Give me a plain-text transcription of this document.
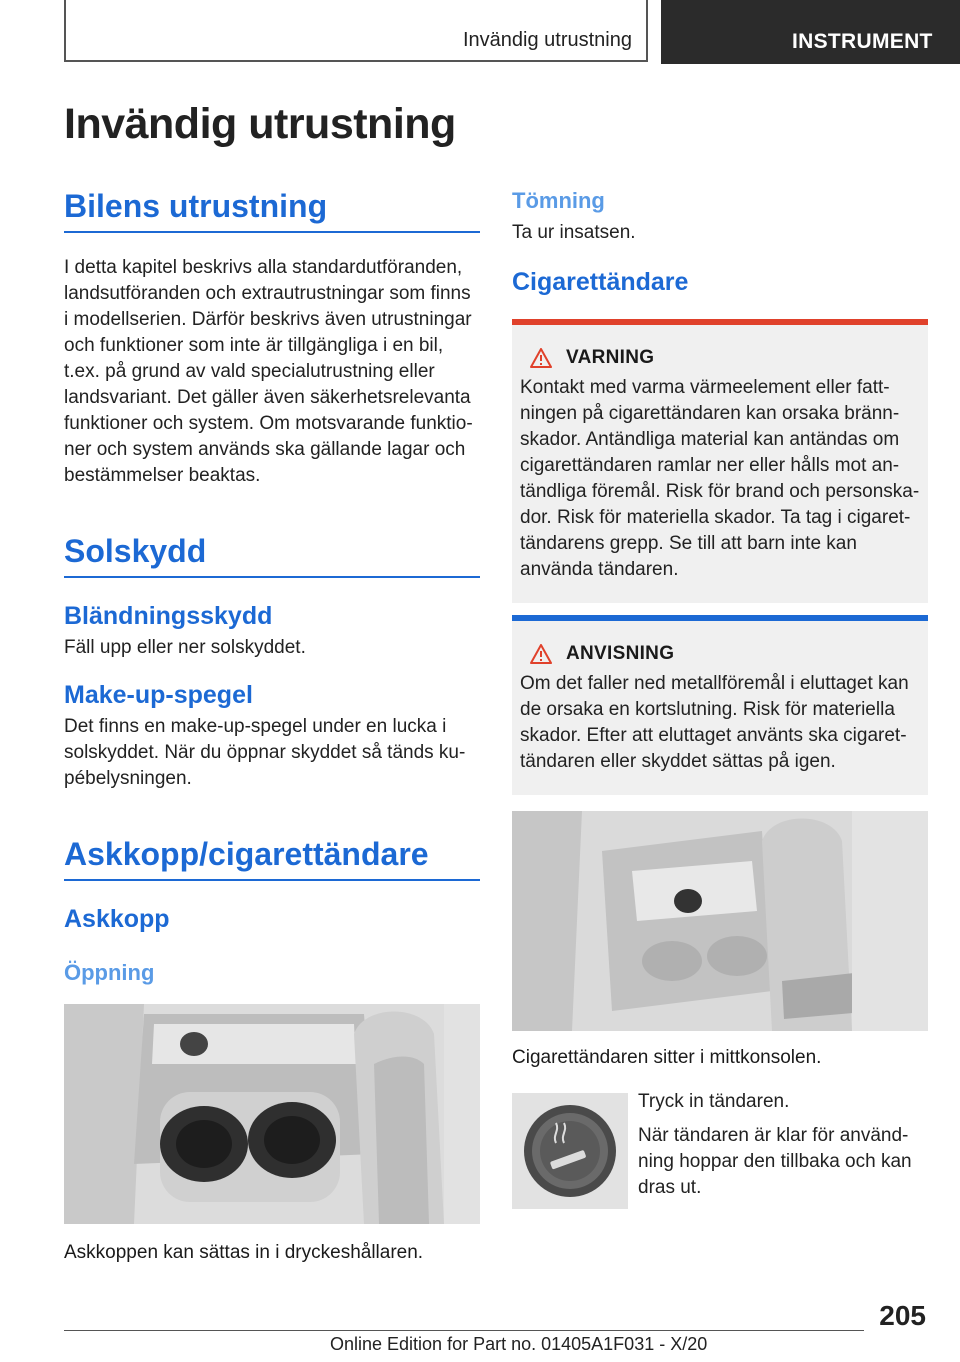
Invändig utrustning	INSTRUMENT
Invändig utrustning
Bilens utrustning

I detta kapitel beskrivs alla standardutföranden, landsutföranden och extrautrustningar som finns i modellserien. Därför beskrivs även utrustningar och funktioner som inte är tillgängliga i en bil, t.ex. på grund av vald specialutrustning eller landsvariant. Det gäller även säkerhetsrelevanta funktioner och system. Om motsvarande funktioner och system används ska gällande lagar och bestämmelser beaktas.

Solskydd
Bländningsskydd

Fäll upp eller ner solskyddet.

Make-up-spegel

Det finns en make-up-spegel under en lucka i solskyddet. När du öppnar skyddet så tänds kupébelysningen.

Askkopp/cigarettändare
Askkopp
Öppning
Askkoppen kan sättas in i dryckeshållaren.
Tömning

Ta ur insatsen.

Cigarettändare
VARNING

Kontakt med varma värmeelement eller fattningen på cigarettändaren kan orsaka brännskador. Antändliga material kan antändas om cigarettändaren ramlar ner eller hålls mot antändliga föremål. Risk för brand och personskador. Risk för materiella skador. Ta tag i cigarettändarens grepp. Se till att barn inte kan använda tändaren.

ANVISNING

Om det faller ned metallföremål i eluttaget kan de orsaka en kortslutning. Risk för materiella skador. Efter att eluttaget använts ska cigarettändaren eller skyddet sättas på igen.

Cigarettändaren sitter i mittkonsolen.

Tryck in tändaren.

När tändaren är klar för användning hoppar den tillbaka och kan dras ut.

205
Online Edition for Part no. 01405A1F031 - X/20
